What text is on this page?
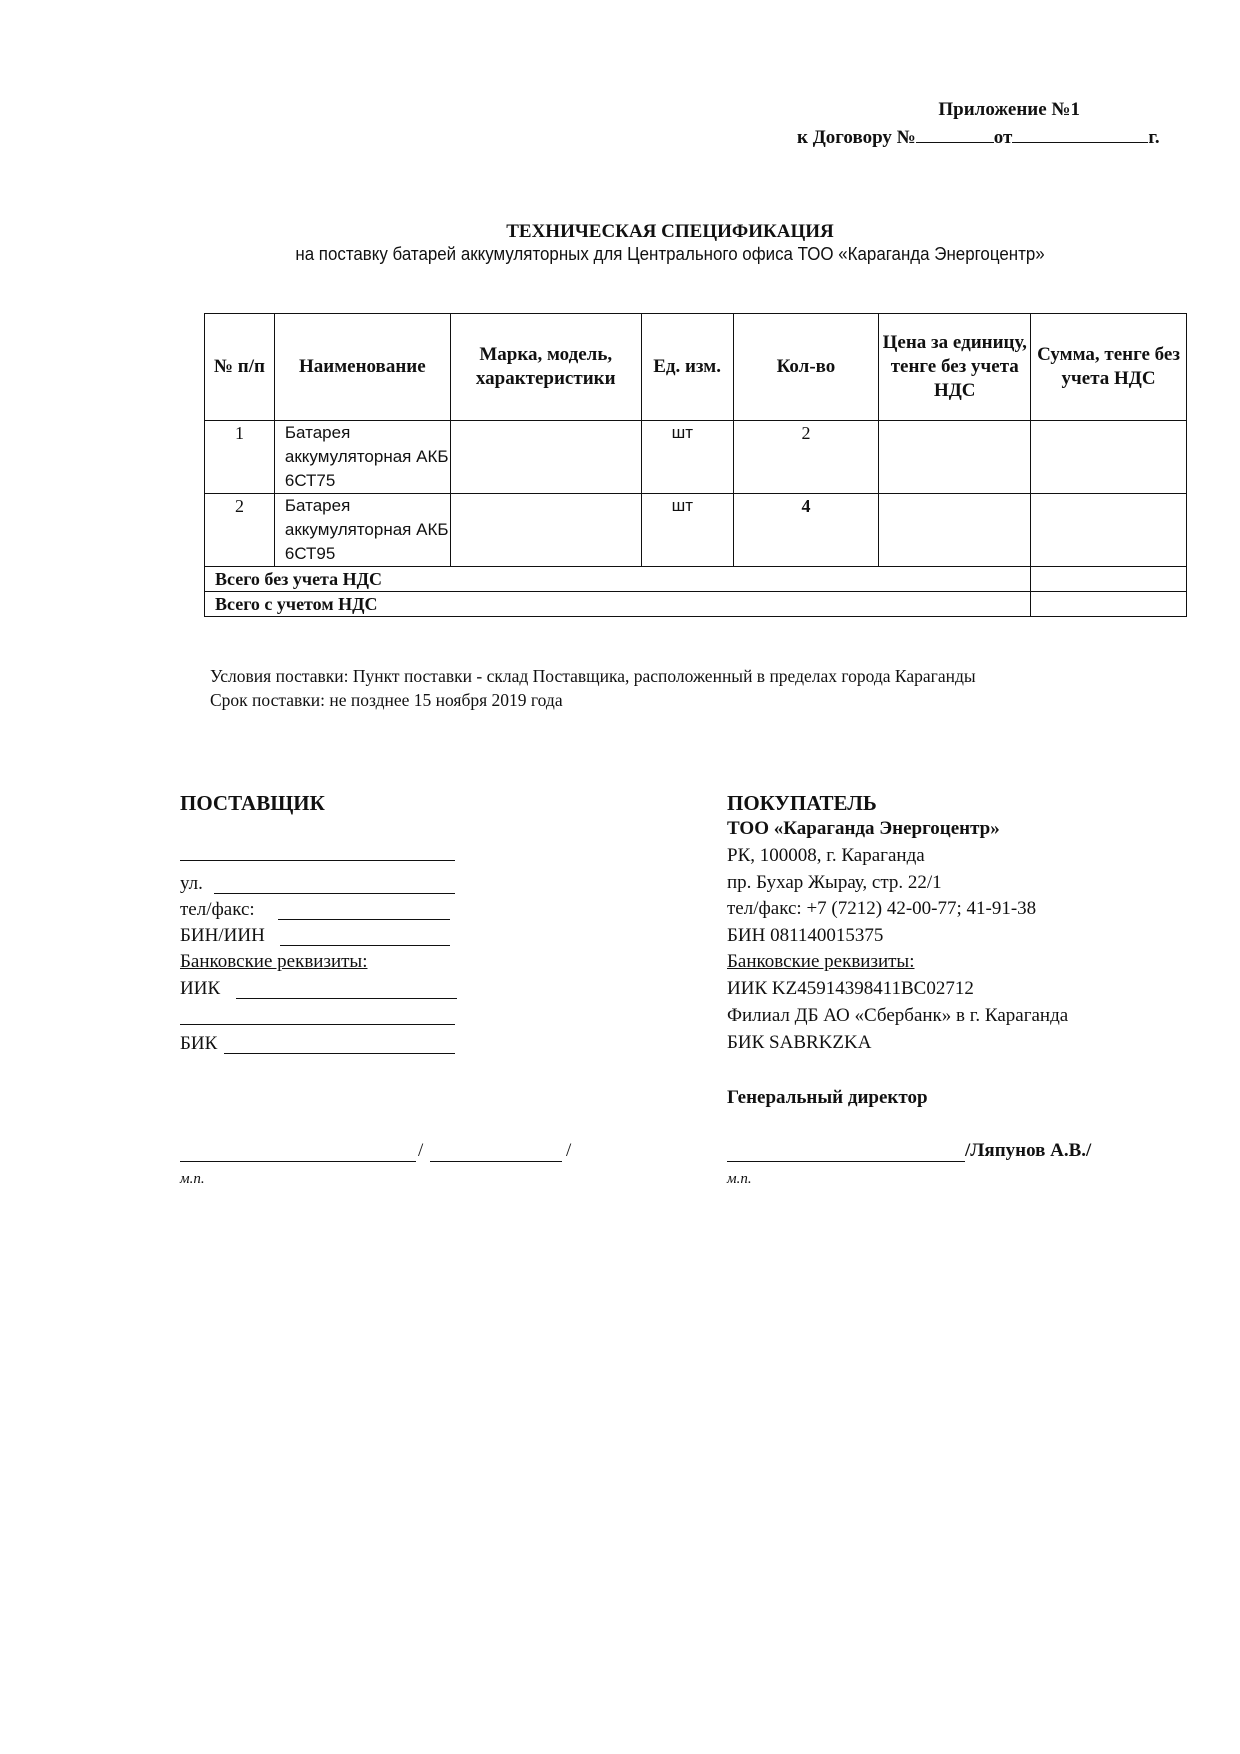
Приложение №1
к Договору №	от	г.
ТЕХНИЧЕСКАЯ СПЕЦИФИКАЦИЯ
на поставку батарей аккумуляторных для Центрального офиса ТОО «Караганда Энергоцентр»
№ п/п	Наименование	Марка, модель, характеристики	Ед. изм.	Кол-во	Цена за единицу, тенге без учета НДС	Сумма, тенге без учета НДС
1	Батарея аккумуляторная АКБ 6СТ75		шт	2		
2	Батарея аккумуляторная АКБ 6СТ95		шт	4		
Всего без учета НДС						
Всего с учетом НДС						
Условия поставки: Пункт поставки - склад Поставщика, расположенный в пределах города Караганды
Срок поставки: не позднее 15 ноября 2019 года
ПОСТАВЩИК
ул.
тел/факс:
БИН/ИИН
Банковские реквизиты:
ИИК
БИК
/	/
м.п.
ПОКУПАТЕЛЬ
ТОО «Караганда Энергоцентр»
РК, 100008, г. Караганда
пр. Бухар Жырау, стр. 22/1
тел/факс: +7 (7212) 42-00-77; 41-91-38
БИН 081140015375
Банковские реквизиты:
ИИК KZ45914398411BC02712
Филиал ДБ АО «Сбербанк» в г. Караганда
БИК SABRKZKA
Генеральный директор
/Ляпунов А.В./
м.п.
